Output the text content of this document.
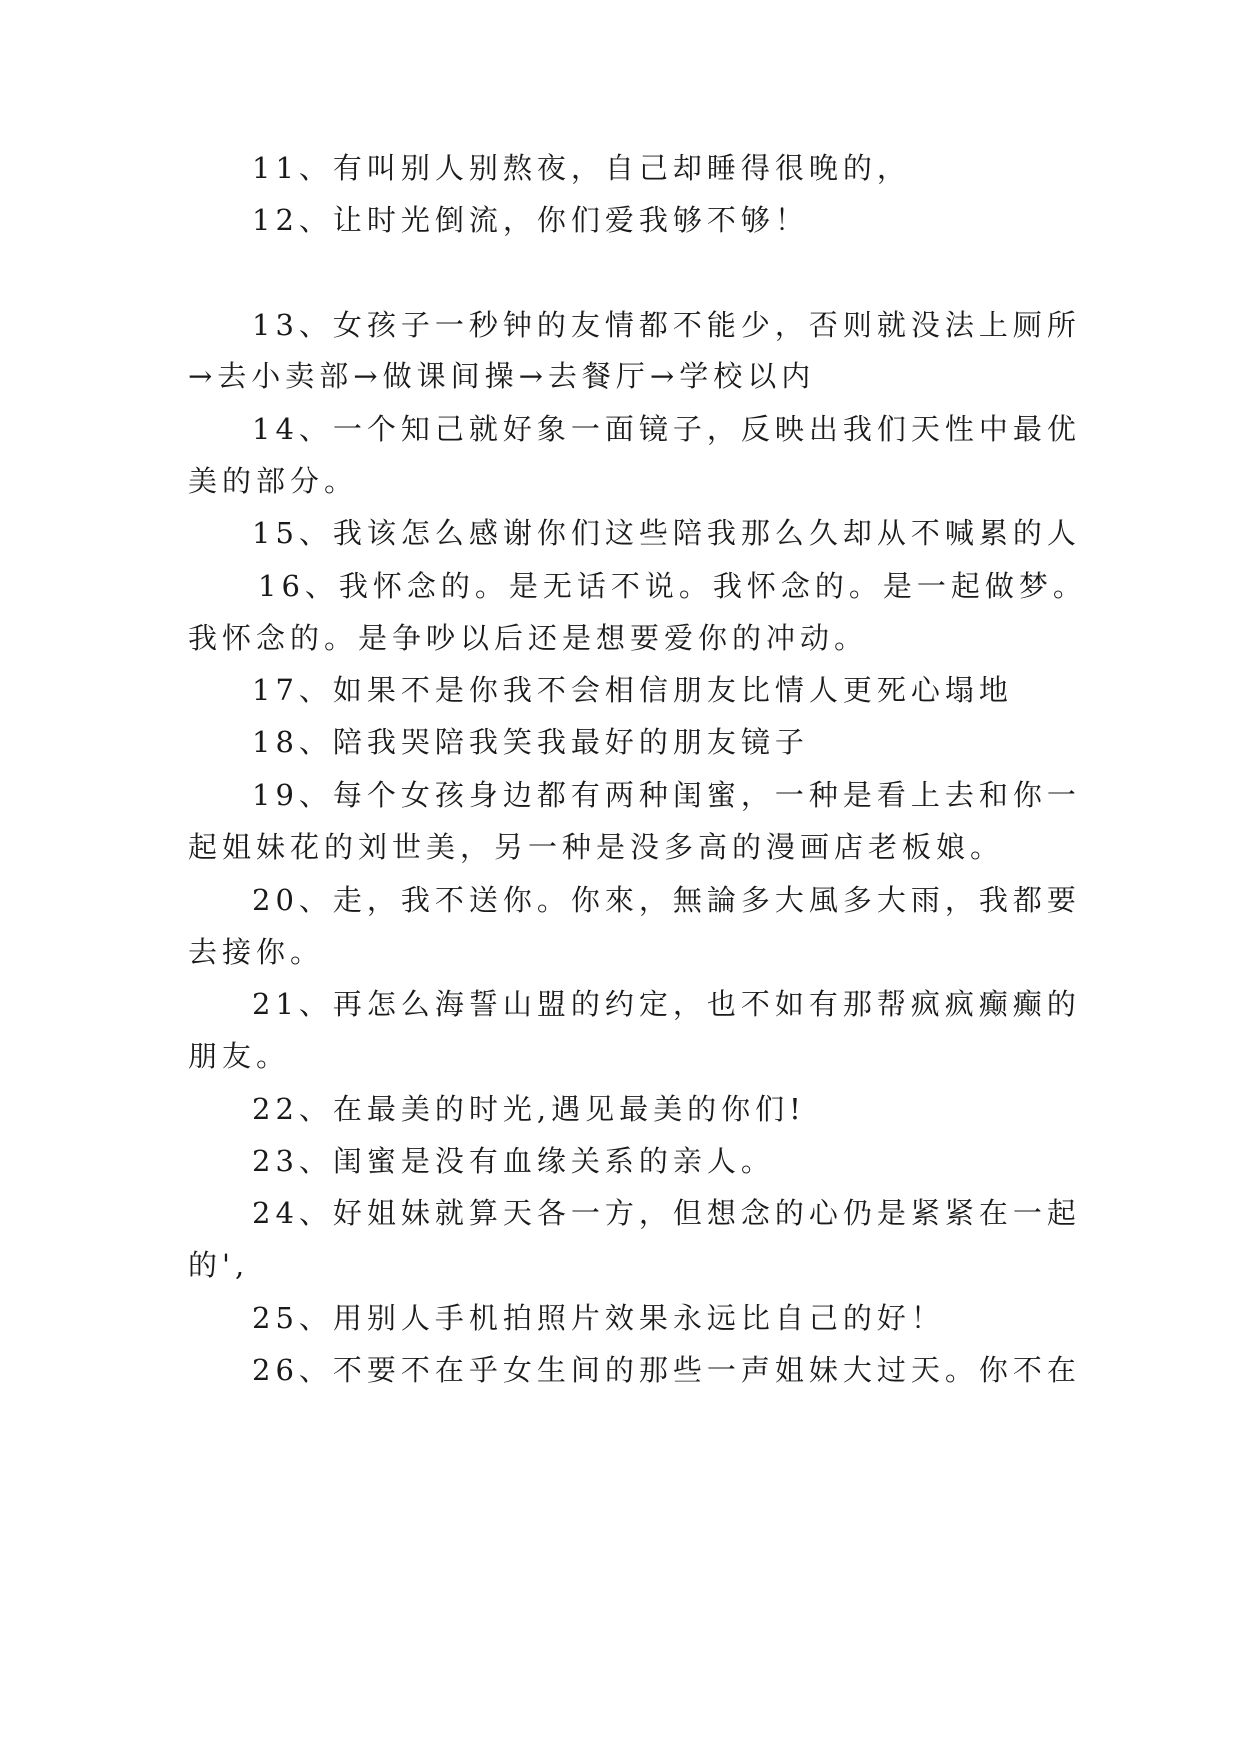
11、有叫别人别熬夜，自己却睡得很晚的，
12、让时光倒流，你们爱我够不够！
13、女孩子一秒钟的友情都不能少，否则就没法上厕所
→去小卖部→做课间操→去餐厅→学校以内
14、一个知己就好象一面镜子，反映出我们天性中最优
美的部分。
15、我该怎么感谢你们这些陪我那么久却从不喊累的人
16、我怀念的。是无话不说。我怀念的。是一起做梦。
我怀念的。是争吵以后还是想要爱你的冲动。
17、如果不是你我不会相信朋友比情人更死心塌地
18、陪我哭陪我笑我最好的朋友镜子
19、每个女孩身边都有两种闺蜜，一种是看上去和你一
起姐妹花的刘世美，另一种是没多高的漫画店老板娘。
20、走，我不送你。你來，無論多大風多大雨，我都要
去接你。
21、再怎么海誓山盟的约定，也不如有那帮疯疯癫癫的
朋友。
22、在最美的时光,遇见最美的你们!
23、闺蜜是没有血缘关系的亲人。
24、好姐妹就算天各一方，但想念的心仍是紧紧在一起
的',
25、用别人手机拍照片效果永远比自己的好！
26、不要不在乎女生间的那些一声姐妹大过天。你不在
